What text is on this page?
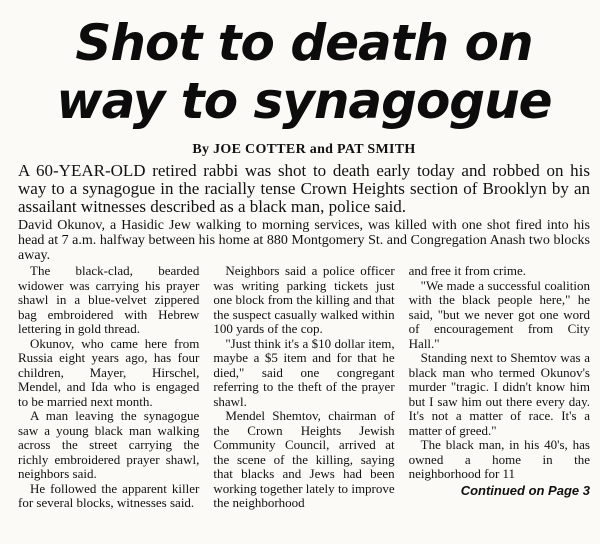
Shot to death on
way to synagogue
By JOE COTTER and PAT SMITH
A 60-YEAR-OLD retired rabbi was shot to death early today and robbed on his way to a synagogue in the racially tense Crown Heights section of Brooklyn by an assailant witnesses described as a black man, police said.
David Okunov, a Hasidic Jew walking to morning services, was killed with one shot fired into his head at 7 a.m. halfway between his home at 880 Montgomery St. and Congregation Anash two blocks away.

The black-clad, bearded widower was carrying his prayer shawl in a blue-velvet zippered bag embroidered with Hebrew lettering in gold thread.

Okunov, who came here from Russia eight years ago, has four children, Mayer, Hirschel, Mendel, and Ida who is engaged to be married next month.

A man leaving the synagogue saw a young black man walking across the street carrying the richly embroidered prayer shawl, neighbors said.

He followed the apparent killer for several blocks, witnesses said.

Neighbors said a police officer was writing parking tickets just one block from the killing and that the suspect casually walked within 100 yards of the cop.

"Just think it's a $10 dollar item, maybe a $5 item and for that he died," said one congregant referring to the theft of the prayer shawl.

Mendel Shemtov, chairman of the Crown Heights Jewish Community Council, arrived at the scene of the killing, saying that blacks and Jews had been working together lately to improve the neighborhood

and free it from crime.

"We made a successful coalition with the black people here," he said, "but we never got one word of encouragement from City Hall."

Standing next to Shemtov was a black man who termed Okunov's murder "tragic. I didn't know him but I saw him out there every day. It's not a matter of race. It's a matter of greed."

The black man, in his 40's, has owned a home in the neighborhood for 11

Continued on Page 3
